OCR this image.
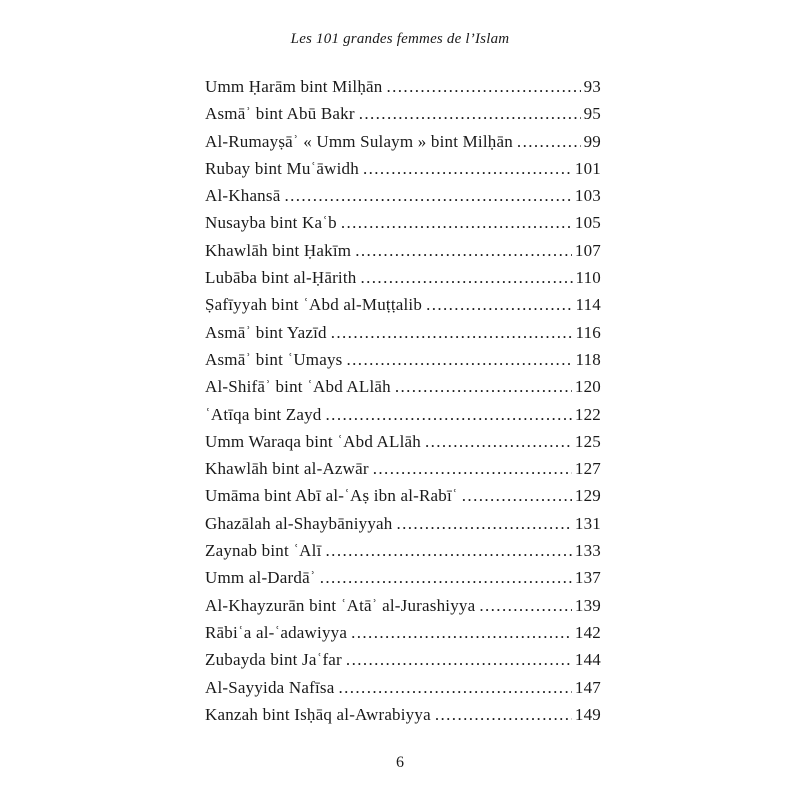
Les 101 grandes femmes de l’Islam
Umm Ḥarām bint Milḥān .....	93
Asmāʾ bint Abū Bakr .....	95
Al-Rumayṣāʾ « Umm Sulaym » bint Milḥān .....	99
Rubay bint Muʿāwidh .....	101
Al-Khansā .....	103
Nusayba bint Kaʿb .....	105
Khawlāh bint Ḥakīm .....	107
Lubāba bint al-Ḥārith .....	110
Ṣafīyyah bint ʿAbd al-Muṭṭalib .....	114
Asmāʾ bint Yazīd .....	116
Asmāʾ bint ʿUmays .....	118
Al-Shifāʾ bint ʿAbd ALlāh .....	120
ʿAtīqa bint Zayd .....	122
Umm Waraqa bint ʿAbd ALlāh .....	125
Khawlāh bint al-Azwār .....	127
Umāma bint Abī al-ʿAṣ ibn al-Rabīʿ .....	129
Ghazālah al-Shaybāniyyah .....	131
Zaynab bint ʿAlī .....	133
Umm al-Dardāʾ .....	137
Al-Khayzurān bint ʿAtāʾ al-Jurashiyya .....	139
Rābiʿa al-ʿadawiyya .....	142
Zubayda bint Jaʿfar .....	144
Al-Sayyida Nafīsa .....	147
Kanzah bint Isḥāq al-Awrabiyya .....	149
6
